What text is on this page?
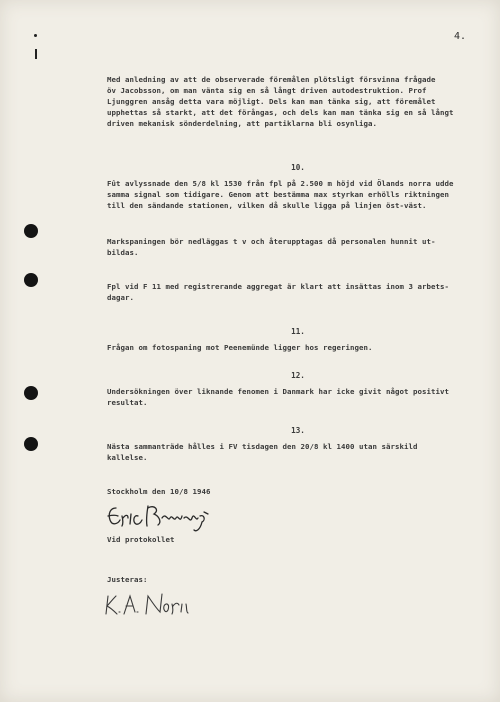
4.

Med anledning av att de observerade föremålen plötsligt försvinna frågade

öv Jacobsson, om man vänta sig en så långt driven autodestruktion. Prof

Ljunggren ansåg detta vara möjligt. Dels kan man tänka sig, att föremålet

upphettas så starkt, att det förångas, och dels kan man tänka sig en så långt

driven mekanisk sönderdelning, att partiklarna bli osynliga.

10.

Fût avlyssnade den 5/8 kl 1530 från fpl på 2.500 m höjd vid Ölands norra udde

samma signal som tidigare. Genom att bestämma max styrkan erhölls riktningen

till den sändande stationen, vilken då skulle ligga på linjen öst-väst.

Markspaningen bör nedläggas t v och återupptagas då personalen hunnit ut-

bildas.

Fpl vid F 11 med registrerande aggregat är klart att insättas inom 3 arbets-

dagar.

11.

Frågan om fotospaning mot Peenemünde ligger hos regeringen.

12.

Undersökningen över liknande fenomen i Danmark har icke givit något positivt

resultat.

13.

Nästa sammanträde hålles i FV tisdagen den 20/8 kl 1400 utan särskild

kallelse.

Stockholm den 10/8 1946

Vid protokollet

Justeras:
